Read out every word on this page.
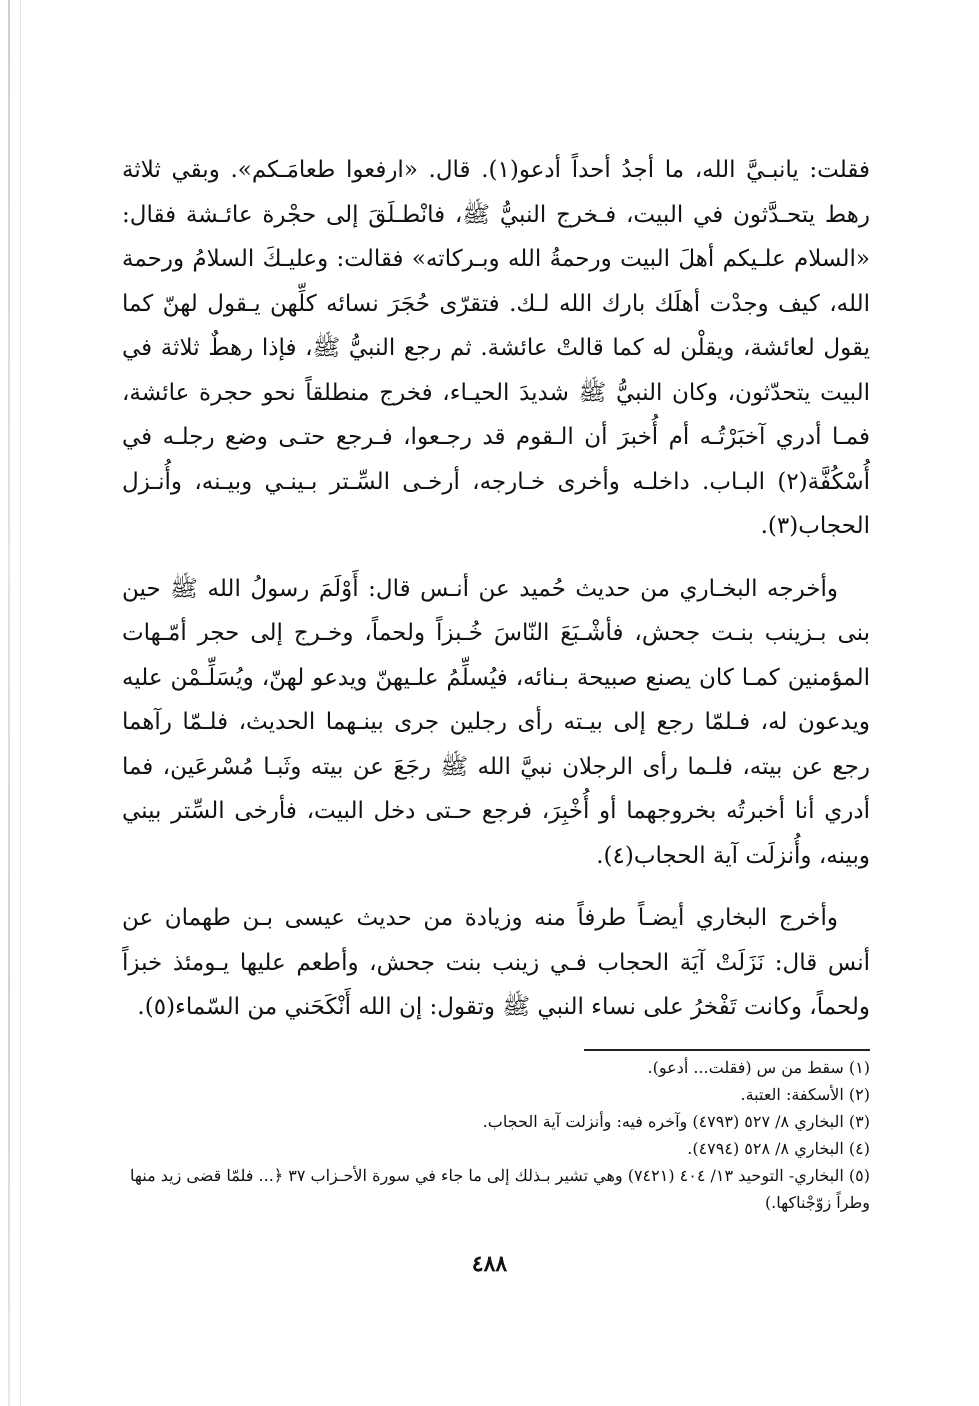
فقلت: يانبـيَّ الله، ما أجدُ أحداً أدعو(١). قال. «ارفعوا طعامَـكم». وبقي ثلاثة رهط يتحـدَّثون في البيت، فـخرج النبيُّ ﷺ، فانْطـلَقَ إلى حجْرة عائـشة فقال: «السلام علـيكم أهلَ البيت ورحمةُ الله وبـركاته» فقالت: وعليـكَ السلامُ ورحمة الله، كيف وجدْت أهلَك بارك الله لـك. فتقرّى حُجَرَ نسائه كلِّهن يـقول لهنّ كما يقول لعائشة، ويقلْن له كما قالتْ عائشة. ثم رجع النبيُّ ﷺ، فإذا رهطٌ ثلاثة في البيت يتحدّثون، وكان النبيُّ ﷺ شديدَ الحيـاء، فخرج منطلقاً نحو حجرة عائشة، فمـا أدري آخبَرْتُـه أم أُخبرَ أن الـقوم قد رجـعوا، فـرجع حتـى وضع رجلـه في أُسْكُفَّة(٢) البـاب. داخلـه وأخرى خـارجه، أرخـى السِّـتر بـينـي وبيـنه، وأُنـزل الحجاب(٣).

وأخرجه البخـاري من حديث حُميد عن أنـس قال: أَوْلَمَ رسولُ الله ﷺ حين بنى بـزينب بنـت جحش، فأشْـبَعَ النّاسَ خُـبزاً ولحماً، وخـرج إلى حجر أمّـهات المؤمنين كمـا كان يصنع صبيحة بـنائه، فيُسلِّمُ علـيهنّ ويدعو لهنّ، ويُسَلِّـمْن عليه ويدعون له، فـلمّا رجع إلى بيـته رأى رجلين جرى بينـهما الحديث، فلـمّا رآهما رجع عن بيته، فلـما رأى الرجلان نبيَّ الله ﷺ رجَعَ عن بيته وثَبـا مُسْرعَين، فما أدري أنا أخبرتُه بخروجهما أو أُخْبِرَ، فرجع حـتى دخل البيت، فأرخى السِّتر بيني وبينه، وأُنزلَت آية الحجاب(٤).

وأخرج البخاري أيضـاً طرفاً منه وزيادة من حديث عيسى بـن طهمان عن أنس قال: نَزَلَتْ آيَة الحجاب فـي زينب بنت جحش، وأطعم عليها يـومئذ خبزاً ولحماً، وكانت تَفْخرُ على نساء النبي ﷺ وتقول: إن الله أَنْكَحَني من السّماء(٥).

(١) سقط من س (فقلت... أدعو).

(٢) الأسكفة: العتبة.

(٣) البخاري ٨/ ٥٢٧ (٤٧٩٣) وآخره فيه: وأنزلت آية الحجاب.

(٤) البخاري ٨/ ٥٢٨ (٤٧٩٤).

(٥) البخاري- التوحيد ١٣/ ٤٠٤ (٧٤٢١) وهي تشير بـذلك إلى ما جاء في سورة الأحـزاب ٣٧ ﴿... فلمّا قضى زيد منها وطراً زوّجْناكها.)

٤٨٨
